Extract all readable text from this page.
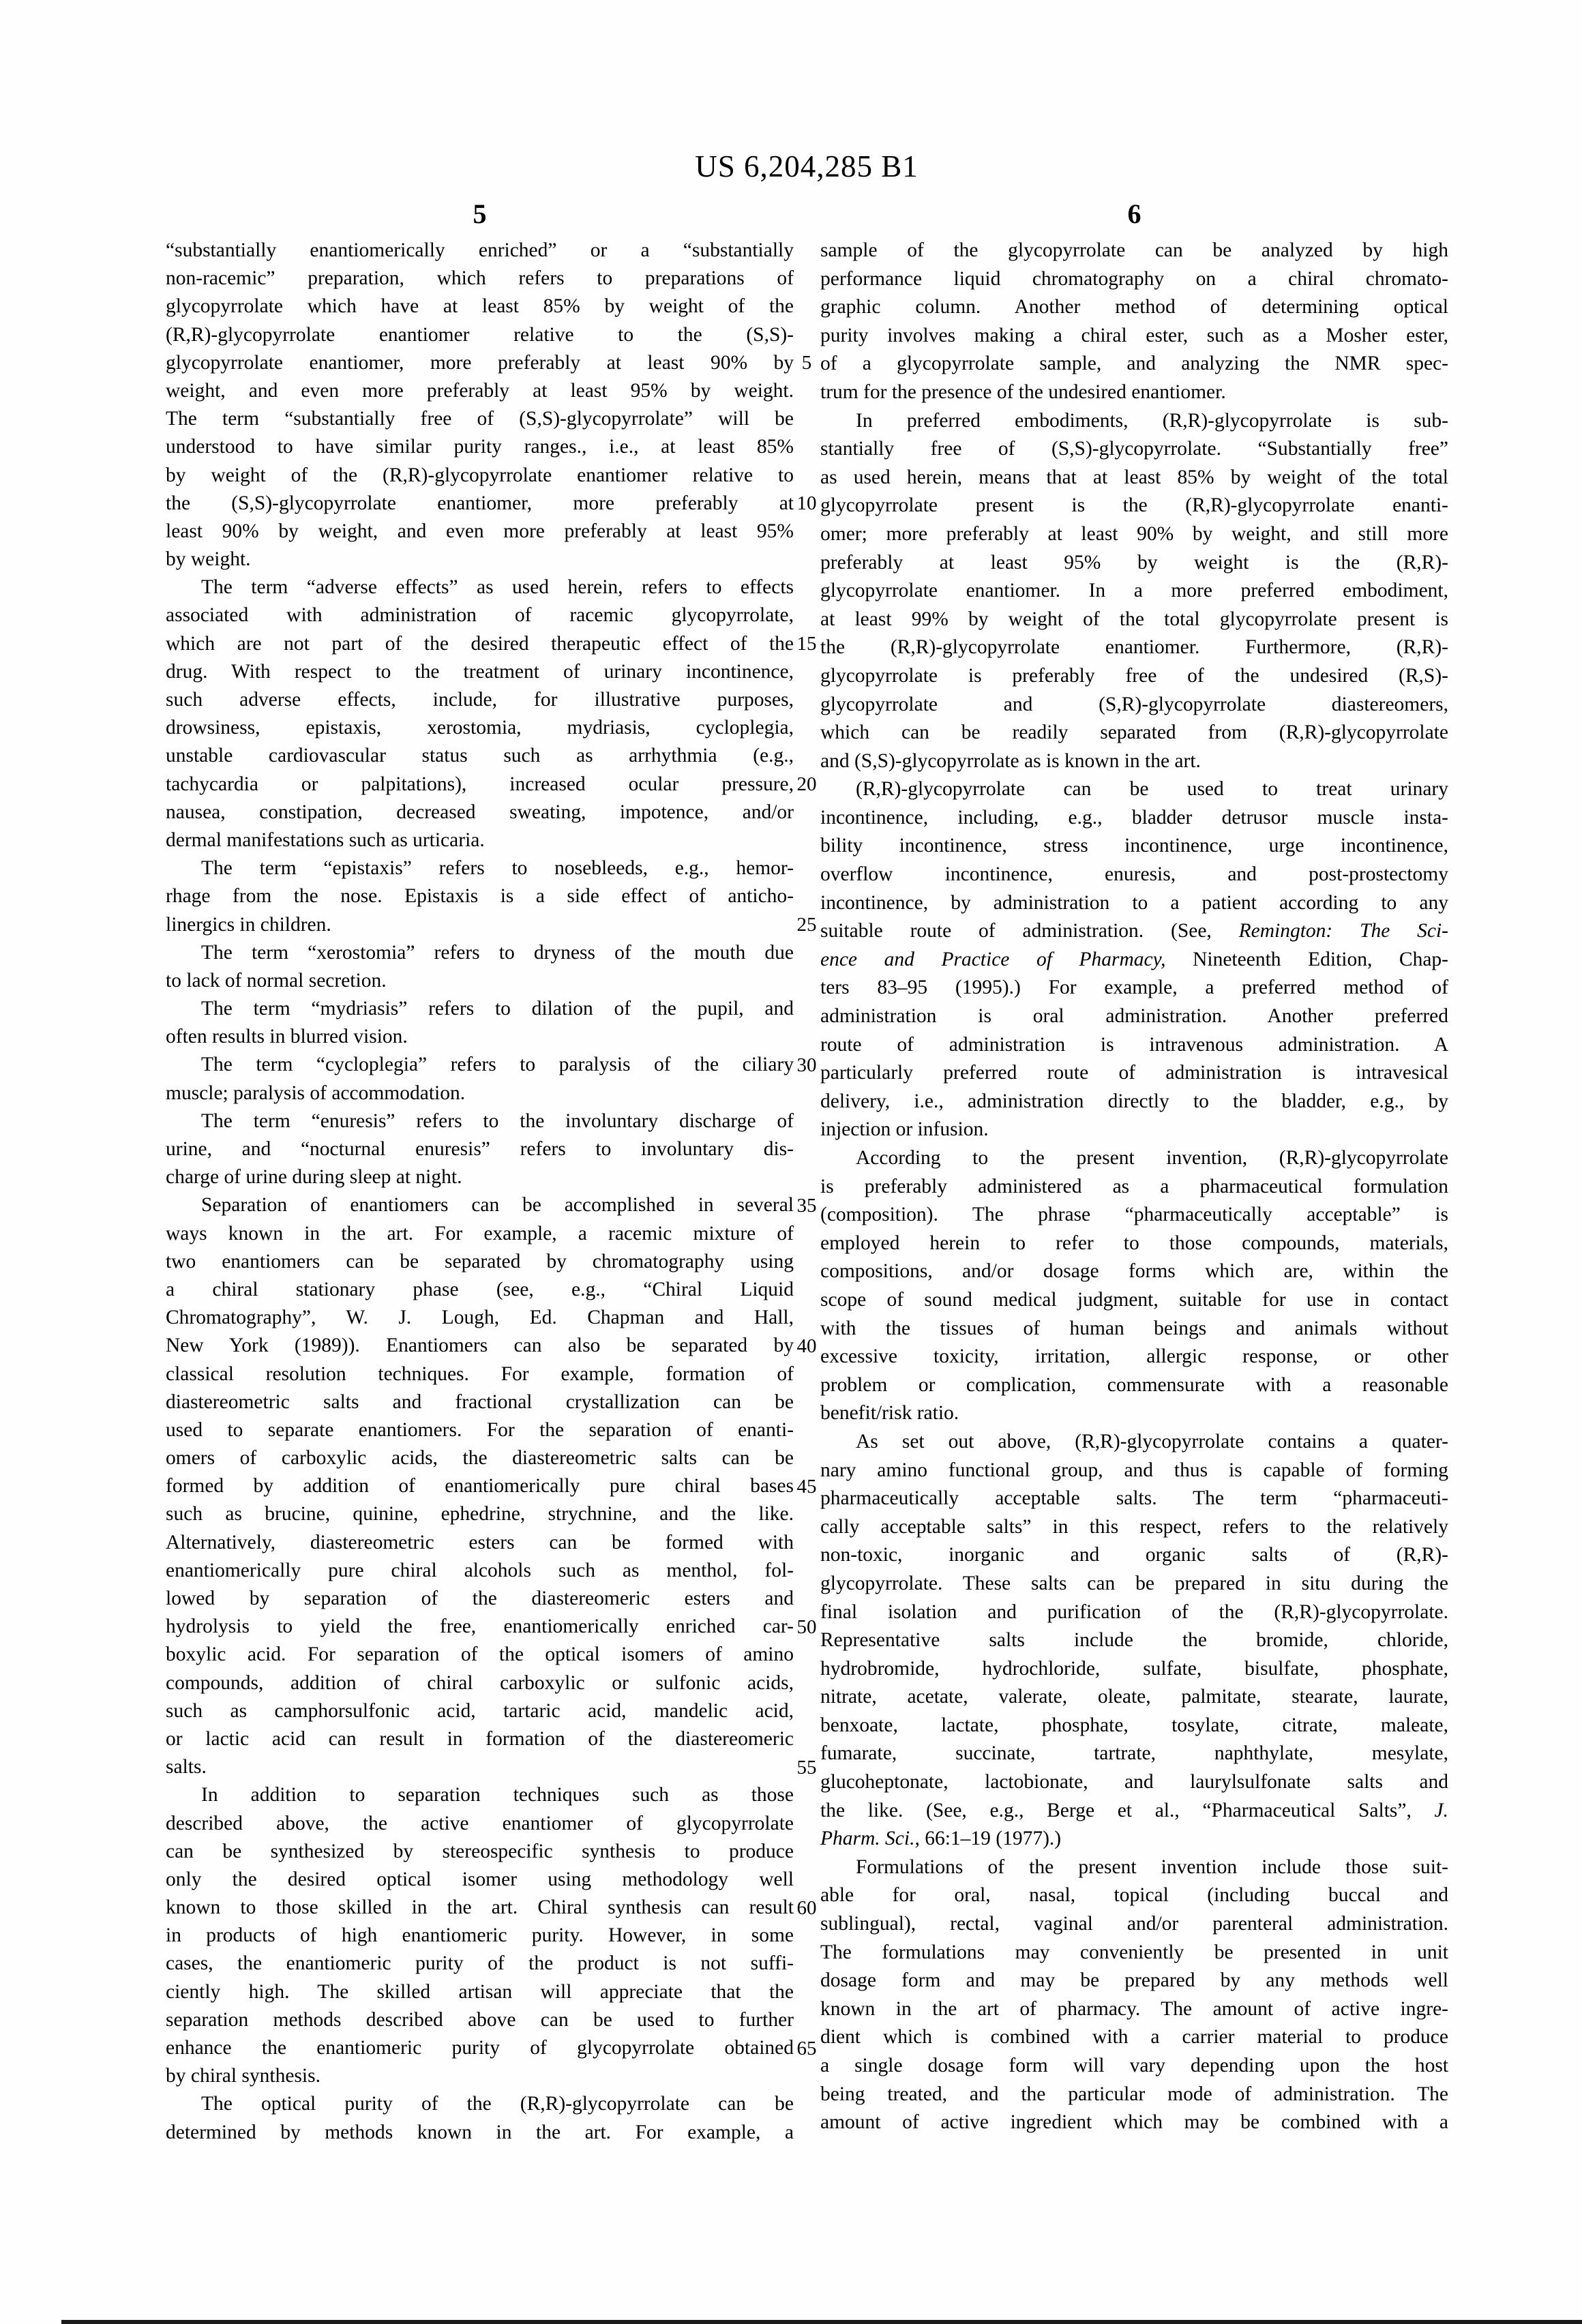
US 6,204,285 B1
5	6
“substantially enantiomerically enriched” or a “substantially
non-racemic” preparation, which refers to preparations of
glycopyrrolate which have at least 85% by weight of the
(R,R)-glycopyrrolate enantiomer relative to the (S,S)-
glycopyrrolate enantiomer, more preferably at least 90% by
weight, and even more preferably at least 95% by weight.
The term “substantially free of (S,S)-glycopyrrolate” will be
understood to have similar purity ranges., i.e., at least 85%
by weight of the (R,R)-glycopyrrolate enantiomer relative to
the (S,S)-glycopyrrolate enantiomer, more preferably at
least 90% by weight, and even more preferably at least 95%
by weight.
The term “adverse effects” as used herein, refers to effects
associated with administration of racemic glycopyrrolate,
which are not part of the desired therapeutic effect of the
drug. With respect to the treatment of urinary incontinence,
such adverse effects, include, for illustrative purposes,
drowsiness, epistaxis, xerostomia, mydriasis, cycloplegia,
unstable cardiovascular status such as arrhythmia (e.g.,
tachycardia or palpitations), increased ocular pressure,
nausea, constipation, decreased sweating, impotence, and/or
dermal manifestations such as urticaria.
The term “epistaxis” refers to nosebleeds, e.g., hemor-
rhage from the nose. Epistaxis is a side effect of anticho-
linergics in children.
The term “xerostomia” refers to dryness of the mouth due
to lack of normal secretion.
The term “mydriasis” refers to dilation of the pupil, and
often results in blurred vision.
The term “cycloplegia” refers to paralysis of the ciliary
muscle; paralysis of accommodation.
The term “enuresis” refers to the involuntary discharge of
urine, and “nocturnal enuresis” refers to involuntary dis-
charge of urine during sleep at night.
Separation of enantiomers can be accomplished in several
ways known in the art. For example, a racemic mixture of
two enantiomers can be separated by chromatography using
a chiral stationary phase (see, e.g., “Chiral Liquid
Chromatography”, W. J. Lough, Ed. Chapman and Hall,
New York (1989)). Enantiomers can also be separated by
classical resolution techniques. For example, formation of
diastereometric salts and fractional crystallization can be
used to separate enantiomers. For the separation of enanti-
omers of carboxylic acids, the diastereometric salts can be
formed by addition of enantiomerically pure chiral bases
such as brucine, quinine, ephedrine, strychnine, and the like.
Alternatively, diastereometric esters can be formed with
enantiomerically pure chiral alcohols such as menthol, fol-
lowed by separation of the diastereomeric esters and
hydrolysis to yield the free, enantiomerically enriched car-
boxylic acid. For separation of the optical isomers of amino
compounds, addition of chiral carboxylic or sulfonic acids,
such as camphorsulfonic acid, tartaric acid, mandelic acid,
or lactic acid can result in formation of the diastereomeric
salts.
In addition to separation techniques such as those
described above, the active enantiomer of glycopyrrolate
can be synthesized by stereospecific synthesis to produce
only the desired optical isomer using methodology well
known to those skilled in the art. Chiral synthesis can result
in products of high enantiomeric purity. However, in some
cases, the enantiomeric purity of the product is not suffi-
ciently high. The skilled artisan will appreciate that the
separation methods described above can be used to further
enhance the enantiomeric purity of glycopyrrolate obtained
by chiral synthesis.
The optical purity of the (R,R)-glycopyrrolate can be
determined by methods known in the art. For example, a
sample of the glycopyrrolate can be analyzed by high
performance liquid chromatography on a chiral chromato-
graphic column. Another method of determining optical
purity involves making a chiral ester, such as a Mosher ester,
of a glycopyrrolate sample, and analyzing the NMR spec-
trum for the presence of the undesired enantiomer.
In preferred embodiments, (R,R)-glycopyrrolate is sub-
stantially free of (S,S)-glycopyrrolate. “Substantially free”
as used herein, means that at least 85% by weight of the total
glycopyrrolate present is the (R,R)-glycopyrrolate enanti-
omer; more preferably at least 90% by weight, and still more
preferably at least 95% by weight is the (R,R)-
glycopyrrolate enantiomer. In a more preferred embodiment,
at least 99% by weight of the total glycopyrrolate present is
the (R,R)-glycopyrrolate enantiomer. Furthermore, (R,R)-
glycopyrrolate is preferably free of the undesired (R,S)-
glycopyrrolate and (S,R)-glycopyrrolate diastereomers,
which can be readily separated from (R,R)-glycopyrrolate
and (S,S)-glycopyrrolate as is known in the art.
(R,R)-glycopyrrolate can be used to treat urinary
incontinence, including, e.g., bladder detrusor muscle insta-
bility incontinence, stress incontinence, urge incontinence,
overflow incontinence, enuresis, and post-prostectomy
incontinence, by administration to a patient according to any
suitable route of administration. (See, Remington: The Sci-
ence and Practice of Pharmacy, Nineteenth Edition, Chap-
ters 83–95 (1995).) For example, a preferred method of
administration is oral administration. Another preferred
route of administration is intravenous administration. A
particularly preferred route of administration is intravesical
delivery, i.e., administration directly to the bladder, e.g., by
injection or infusion.
According to the present invention, (R,R)-glycopyrrolate
is preferably administered as a pharmaceutical formulation
(composition). The phrase “pharmaceutically acceptable” is
employed herein to refer to those compounds, materials,
compositions, and/or dosage forms which are, within the
scope of sound medical judgment, suitable for use in contact
with the tissues of human beings and animals without
excessive toxicity, irritation, allergic response, or other
problem or complication, commensurate with a reasonable
benefit/risk ratio.
As set out above, (R,R)-glycopyrrolate contains a quater-
nary amino functional group, and thus is capable of forming
pharmaceutically acceptable salts. The term “pharmaceuti-
cally acceptable salts” in this respect, refers to the relatively
non-toxic, inorganic and organic salts of (R,R)-
glycopyrrolate. These salts can be prepared in situ during the
final isolation and purification of the (R,R)-glycopyrrolate.
Representative salts include the bromide, chloride,
hydrobromide, hydrochloride, sulfate, bisulfate, phosphate,
nitrate, acetate, valerate, oleate, palmitate, stearate, laurate,
benxoate, lactate, phosphate, tosylate, citrate, maleate,
fumarate, succinate, tartrate, naphthylate, mesylate,
glucoheptonate, lactobionate, and laurylsulfonate salts and
the like. (See, e.g., Berge et al., “Pharmaceutical Salts”, J.
Pharm. Sci., 66:1–19 (1977).)
Formulations of the present invention include those suit-
able for oral, nasal, topical (including buccal and
sublingual), rectal, vaginal and/or parenteral administration.
The formulations may conveniently be presented in unit
dosage form and may be prepared by any methods well
known in the art of pharmacy. The amount of active ingre-
dient which is combined with a carrier material to produce
a single dosage form will vary depending upon the host
being treated, and the particular mode of administration. The
amount of active ingredient which may be combined with a
5
10
15
20
25
30
35
40
45
50
55
60
65
